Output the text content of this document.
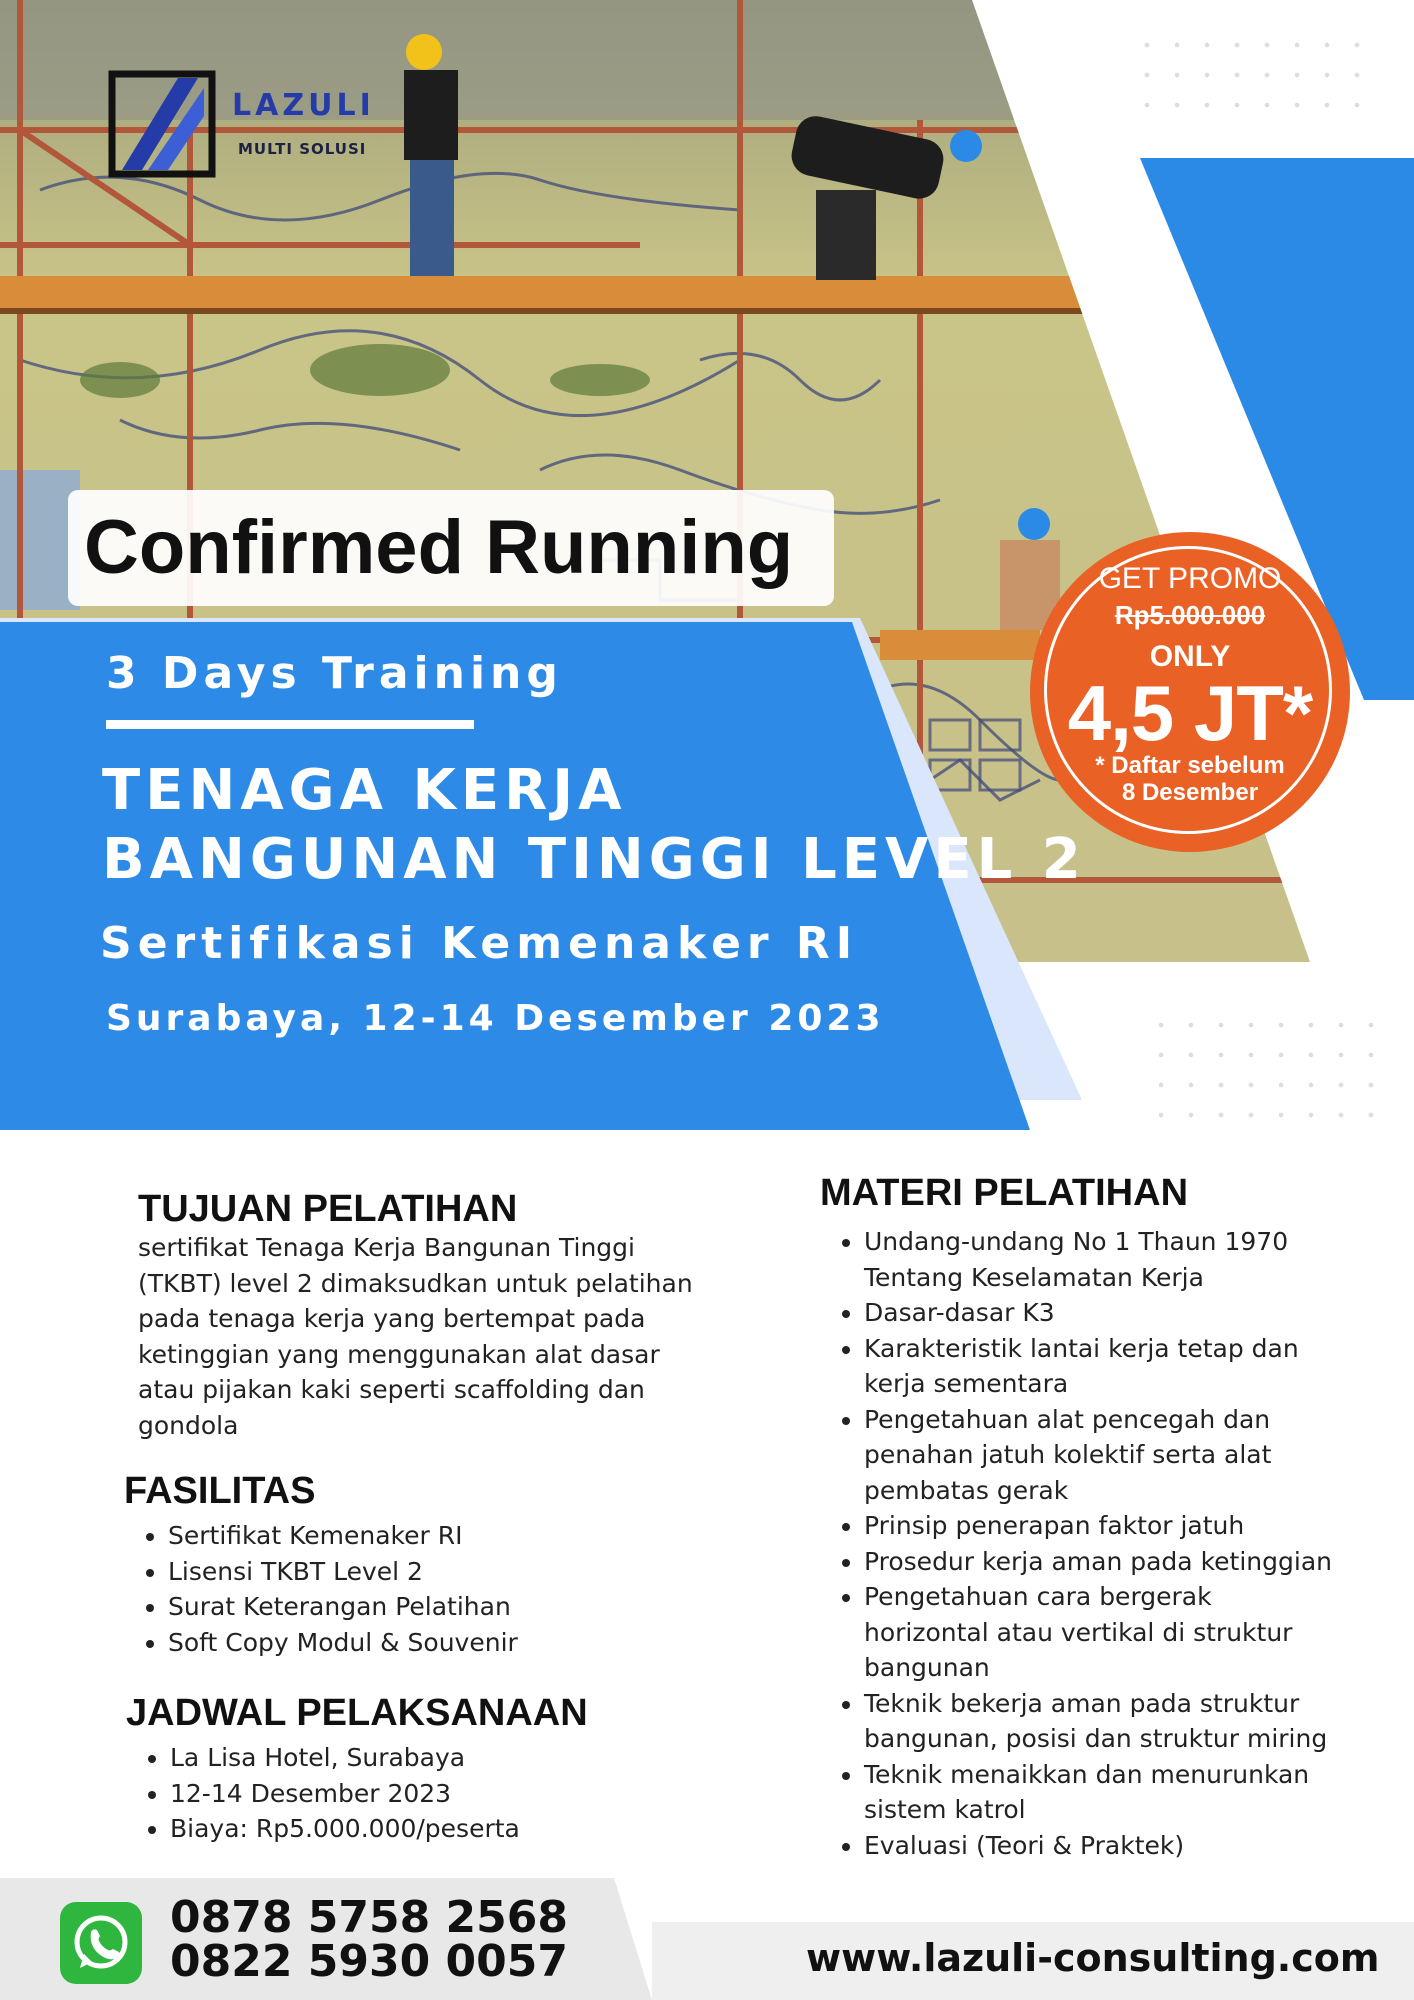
LAZULI
MULTI SOLUSI
Confirmed Running
3 Days Training
TENAGA KERJA
BANGUNAN TINGGI LEVEL 2
Sertifikasi Kemenaker RI
Surabaya, 12-14 Desember 2023
GET PROMO
Rp5.000.000
ONLY
4,5 JT*
* Daftar sebelum
8 Desember
TUJUAN PELATIHAN
sertifikat Tenaga Kerja Bangunan Tinggi (TKBT) level 2 dimaksudkan untuk pelatihan pada tenaga kerja yang bertempat pada ketinggian yang menggunakan alat dasar atau pijakan kaki seperti scaffolding dan gondola
FASILITAS
• Sertifikat Kemenaker RI
• Lisensi TKBT Level 2
• Surat Keterangan Pelatihan
• Soft Copy Modul & Souvenir
JADWAL PELAKSANAAN
• La Lisa Hotel, Surabaya
• 12-14 Desember 2023
• Biaya: Rp5.000.000/peserta
MATERI PELATIHAN
• Undang-undang No 1 Thaun 1970 Tentang Keselamatan Kerja
• Dasar-dasar K3
• Karakteristik lantai kerja tetap dan kerja sementara
• Pengetahuan alat pencegah dan penahan jatuh kolektif serta alat pembatas gerak
• Prinsip penerapan faktor jatuh
• Prosedur kerja aman pada ketinggian
• Pengetahuan cara bergerak horizontal atau vertikal di struktur bangunan
• Teknik bekerja aman pada struktur bangunan, posisi dan struktur miring
• Teknik menaikkan dan menurunkan sistem katrol
• Evaluasi (Teori & Praktek)
0878 5758 2568
0822 5930 0057	www.lazuli-consulting.com
